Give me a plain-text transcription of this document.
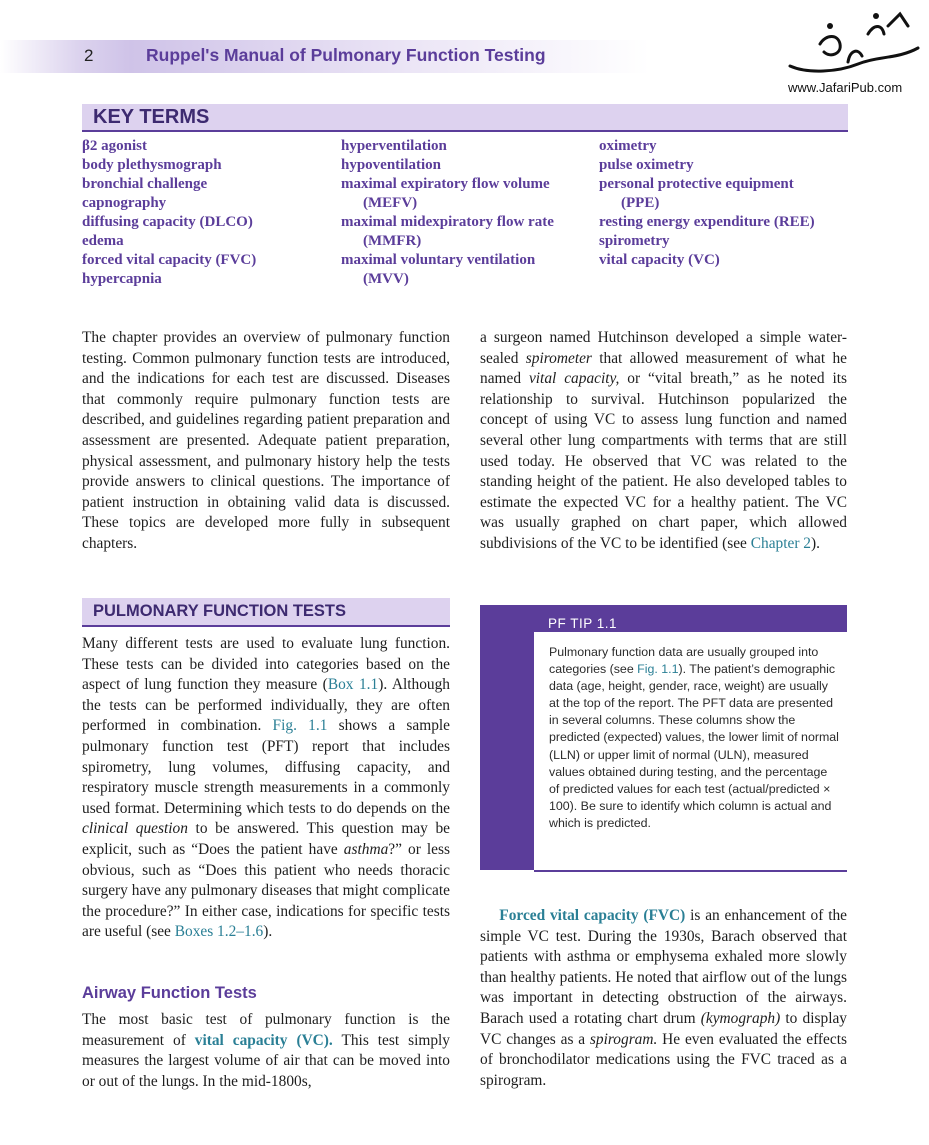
2	Ruppel's Manual of Pulmonary Function Testing
www.JafariPub.com
KEY TERMS
β2 agonist
body plethysmograph
bronchial challenge
capnography
diffusing capacity (DLCO)
edema
forced vital capacity (FVC)
hypercapnia
hyperventilation
hypoventilation
maximal expiratory flow volume
(MEFV)
maximal midexpiratory flow rate
(MMFR)
maximal voluntary ventilation
(MVV)
oximetry
pulse oximetry
personal protective equipment
(PPE)
resting energy expenditure (REE)
spirometry
vital capacity (VC)

The chapter provides an overview of pulmonary function testing. Common pulmonary function tests are introduced, and the indications for each test are discussed. Diseases that commonly require pulmonary function tests are described, and guidelines regarding patient preparation and assessment are presented. Adequate patient preparation, physical assessment, and pulmonary history help the tests provide answers to clinical questions. The importance of patient instruction in obtaining valid data is discussed. These topics are developed more fully in subsequent chapters.

PULMONARY FUNCTION TESTS

Many different tests are used to evaluate lung function. These tests can be divided into categories based on the aspect of lung function they measure (Box 1.1). Although the tests can be performed individually, they are often performed in combination. Fig. 1.1 shows a sample pulmonary function test (PFT) report that includes spirometry, lung volumes, diffusing capacity, and respiratory muscle strength measurements in a commonly used format. Determining which tests to do depends on the clinical question to be answered. This question may be explicit, such as “Does the patient have asthma?” or less obvious, such as “Does this patient who needs thoracic surgery have any pulmonary diseases that might complicate the procedure?” In either case, indications for specific tests are useful (see Boxes 1.2–1.6).

Airway Function Tests

The most basic test of pulmonary function is the measurement of vital capacity (VC). This test simply measures the largest volume of air that can be moved into or out of the lungs. In the mid-1800s,

a surgeon named Hutchinson developed a simple water-sealed spirometer that allowed measurement of what he named vital capacity, or “vital breath,” as he noted its relationship to survival. Hutchinson popularized the concept of using VC to assess lung function and named several other lung compartments with terms that are still used today. He observed that VC was related to the standing height of the patient. He also developed tables to estimate the expected VC for a healthy patient. The VC was usually graphed on chart paper, which allowed subdivisions of the VC to be identified (see Chapter 2).

PF TIP 1.1
Pulmonary function data are usually grouped into categories (see Fig. 1.1). The patient’s demographic data (age, height, gender, race, weight) are usually at the top of the report. The PFT data are presented in several columns. These columns show the predicted (expected) values, the lower limit of normal (LLN) or upper limit of normal (ULN), measured values obtained during testing, and the percentage of predicted values for each test (actual/predicted × 100). Be sure to identify which column is actual and which is predicted.

Forced vital capacity (FVC) is an enhancement of the simple VC test. During the 1930s, Barach observed that patients with asthma or emphysema exhaled more slowly than healthy patients. He noted that airflow out of the lungs was important in detecting obstruction of the airways. Barach used a rotating chart drum (kymograph) to display VC changes as a spirogram. He even evaluated the effects of bronchodilator medications using the FVC traced as a spirogram.
